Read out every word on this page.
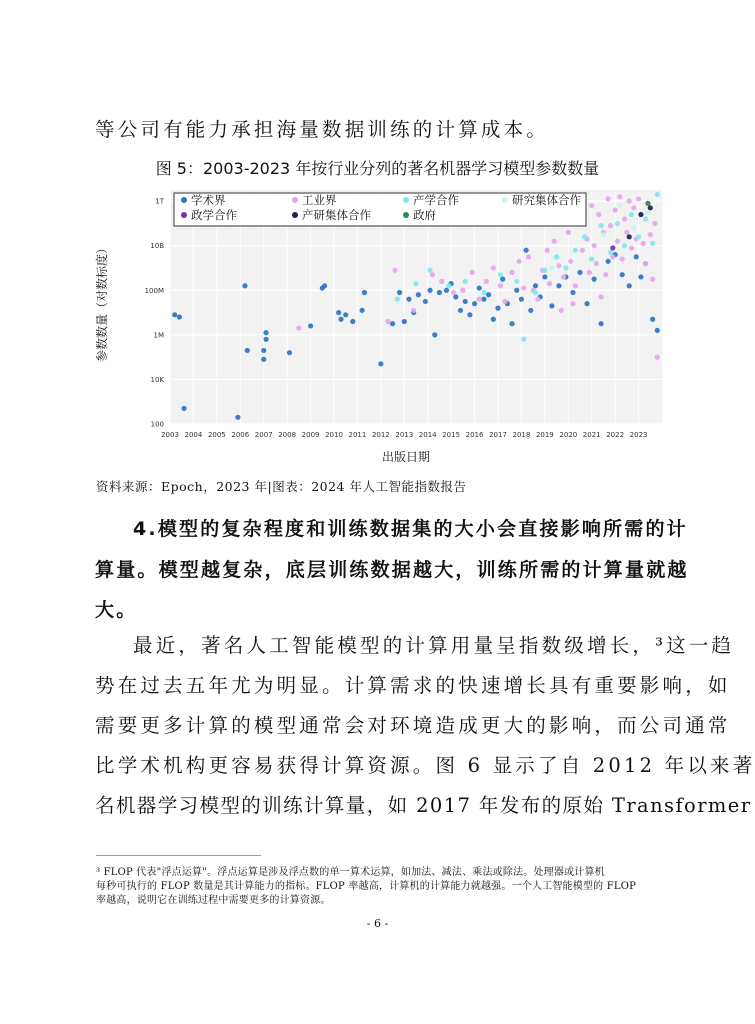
等公司有能力承担海量数据训练的计算成本。
图 5：2003-2023 年按行业分列的著名机器学习模型参数数量
1T
10B
100M
1M
10K
100
2003 2004 2005 2006 2007 2008 2009 2010 2011 2012 2013 2014 2015 2016 2017 2018 2019 2020 2021 2022 2023
学术界	工业界	产学合作	研究集体合作
政学合作	产研集体合作	政府
出版日期
参数数量（对数标度）
资料来源：Epoch，2023 年|图表：2024 年人工智能指数报告
4.模型的复杂程度和训练数据集的大小会直接影响所需的计
算量。模型越复杂，底层训练数据越大，训练所需的计算量就越
大。
最近，著名人工智能模型的计算用量呈指数级增长，³这一趋
势在过去五年尤为明显。计算需求的快速增长具有重要影响，如
需要更多计算的模型通常会对环境造成更大的影响，而公司通常
比学术机构更容易获得计算资源。图 6 显示了自 2012 年以来著
名机器学习模型的训练计算量，如 2017 年发布的原始 Transformer
³ FLOP 代表"浮点运算"。浮点运算是涉及浮点数的单一算术运算，如加法、减法、乘法或除法。处理器或计算机
每秒可执行的 FLOP 数量是其计算能力的指标。FLOP 率越高，计算机的计算能力就越强。一个人工智能模型的 FLOP
率越高，说明它在训练过程中需要更多的计算资源。
- 6 -
